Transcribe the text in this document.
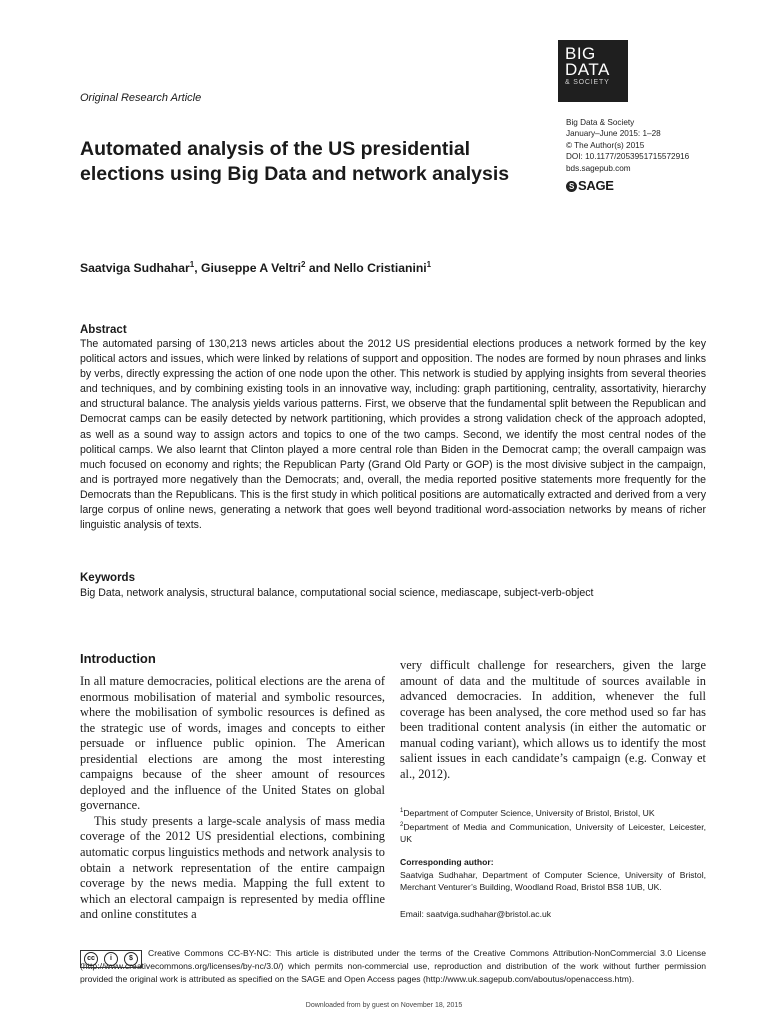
BIG
DATA
& SOCIETY
Original Research Article
Big Data & Society
January–June 2015: 1–28
© The Author(s) 2015
DOI: 10.1177/2053951715572916
bds.sagepub.com
S SAGE
Automated analysis of the US presidential elections using Big Data and network analysis
Saatviga Sudhahar$^1$, Giuseppe A Veltri$^2$ and Nello Cristianini$^1$
Abstract
The automated parsing of 130,213 news articles about the 2012 US presidential elections produces a network formed by the key political actors and issues, which were linked by relations of support and opposition. The nodes are formed by noun phrases and links by verbs, directly expressing the action of one node upon the other. This network is studied by applying insights from several theories and techniques, and by combining existing tools in an innovative way, including: graph partitioning, centrality, assortativity, hierarchy and structural balance. The analysis yields various patterns. First, we observe that the fundamental split between the Republican and Democrat camps can be easily detected by network partitioning, which provides a strong validation check of the approach adopted, as well as a sound way to assign actors and topics to one of the two camps. Second, we identify the most central nodes of the political camps. We also learnt that Clinton played a more central role than Biden in the Democrat camp; the overall campaign was much focused on economy and rights; the Republican Party (Grand Old Party or GOP) is the most divisive subject in the campaign, and is portrayed more negatively than the Democrats; and, overall, the media reported positive statements more frequently for the Democrats than the Republicans. This is the first study in which political positions are automatically extracted and derived from a very large corpus of online news, generating a network that goes well beyond traditional word-association networks by means of richer linguistic analysis of texts.
Keywords
Big Data, network analysis, structural balance, computational social science, mediascape, subject-verb-object
Introduction

In all mature democracies, political elections are the arena of enormous mobilisation of material and symbolic resources, where the mobilisation of symbolic resources is defined as the strategic use of words, images and concepts to either persuade or influence public opinion. The American presidential elections are among the most interesting campaigns because of the sheer amount of resources deployed and the influence of the United States on global governance.

This study presents a large-scale analysis of mass media coverage of the 2012 US presidential elections, combining automatic corpus linguistics methods and network analysis to obtain a network representation of the entire campaign coverage by the news media. Mapping the full extent to which an electoral campaign is represented by media offline and online constitutes a

very difficult challenge for researchers, given the large amount of data and the multitude of sources available in advanced democracies. In addition, whenever the full coverage has been analysed, the core method used so far has been traditional content analysis (in either the automatic or manual coding variant), which allows us to identify the most salient issues in each candidate’s campaign (e.g. Conway et al., 2012).
$^1$Department of Computer Science, University of Bristol, Bristol, UK
$^2$Department of Media and Communication, University of Leicester, Leicester, UK
Corresponding author:
Saatviga Sudhahar, Department of Computer Science, University of Bristol, Merchant Venturer’s Building, Woodland Road, Bristol BS8 1UB, UK.
Email: saatviga.sudhahar@bristol.ac.uk
Creative Commons CC-BY-NC: This article is distributed under the terms of the Creative Commons Attribution-NonCommercial 3.0 License (http://www.creativecommons.org/licenses/by-nc/3.0/) which permits non-commercial use, reproduction and distribution of the work without further permission provided the original work is attributed as specified on the SAGE and Open Access pages (http://www.uk.sagepub.com/aboutus/openaccess.htm).
cc	i	$
Downloaded from by guest on November 18, 2015
